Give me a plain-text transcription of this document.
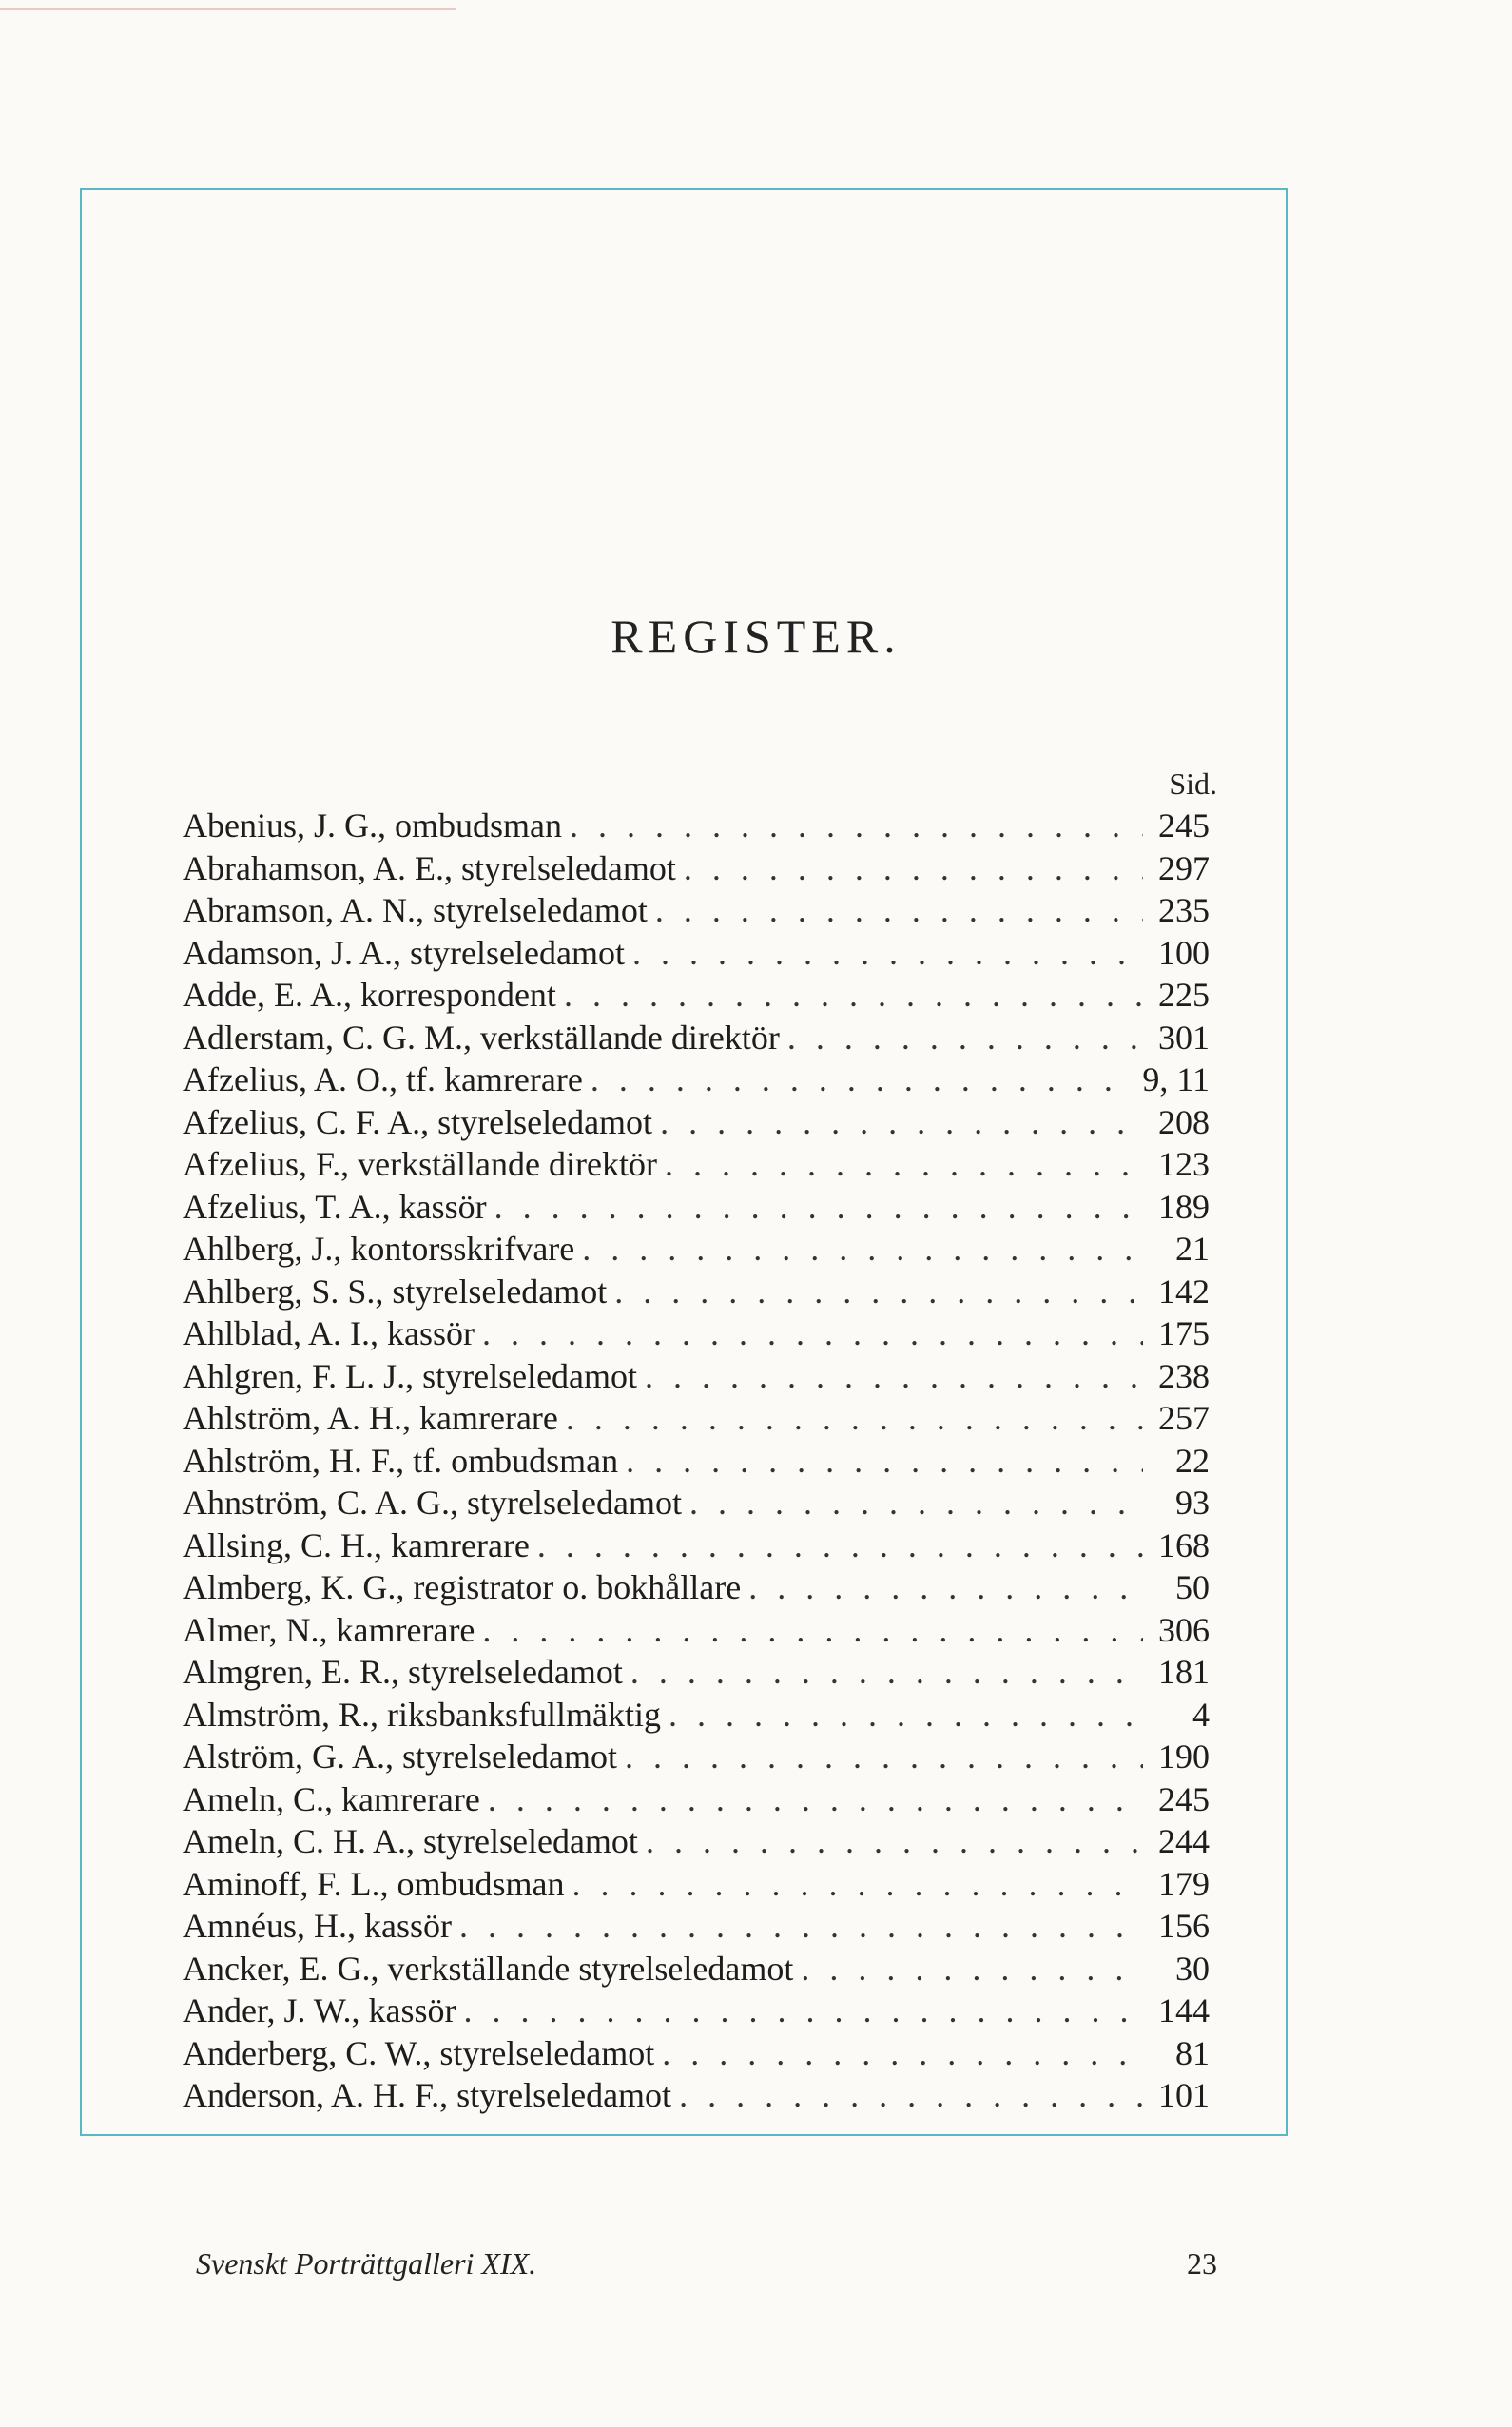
REGISTER.
Sid.
Abenius, J. G., ombudsman . . .	245
Abrahamson, A. E., styrelseledamot . . .	297
Abramson, A. N., styrelseledamot . . .	235
Adamson, J. A., styrelseledamot . . .	100
Adde, E. A., korrespondent . . .	225
Adlerstam, C. G. M., verkställande direktör . . .	301
Afzelius, A. O., tf. kamrerare . . .	9, 11
Afzelius, C. F. A., styrelseledamot . . .	208
Afzelius, F., verkställande direktör . . .	123
Afzelius, T. A., kassör . . .	189
Ahlberg, J., kontorsskrifvare . . .	21
Ahlberg, S. S., styrelseledamot . . .	142
Ahlblad, A. I., kassör . . .	175
Ahlgren, F. L. J., styrelseledamot . . .	238
Ahlström, A. H., kamrerare . . .	257
Ahlström, H. F., tf. ombudsman . . .	22
Ahnström, C. A. G., styrelseledamot . . .	93
Allsing, C. H., kamrerare . . .	168
Almberg, K. G., registrator o. bokhållare . . .	50
Almer, N., kamrerare . . .	306
Almgren, E. R., styrelseledamot . . .	181
Almström, R., riksbanksfullmäktig . . .	4
Alström, G. A., styrelseledamot . . .	190
Ameln, C., kamrerare . . .	245
Ameln, C. H. A., styrelseledamot . . .	244
Aminoff, F. L., ombudsman . . .	179
Amnéus, H., kassör . . .	156
Ancker, E. G., verkställande styrelseledamot . . .	30
Ander, J. W., kassör . . .	144
Anderberg, C. W., styrelseledamot . . .	81
Anderson, A. H. F., styrelseledamot . . .	101
Svenskt Porträttgalleri XIX.	23
